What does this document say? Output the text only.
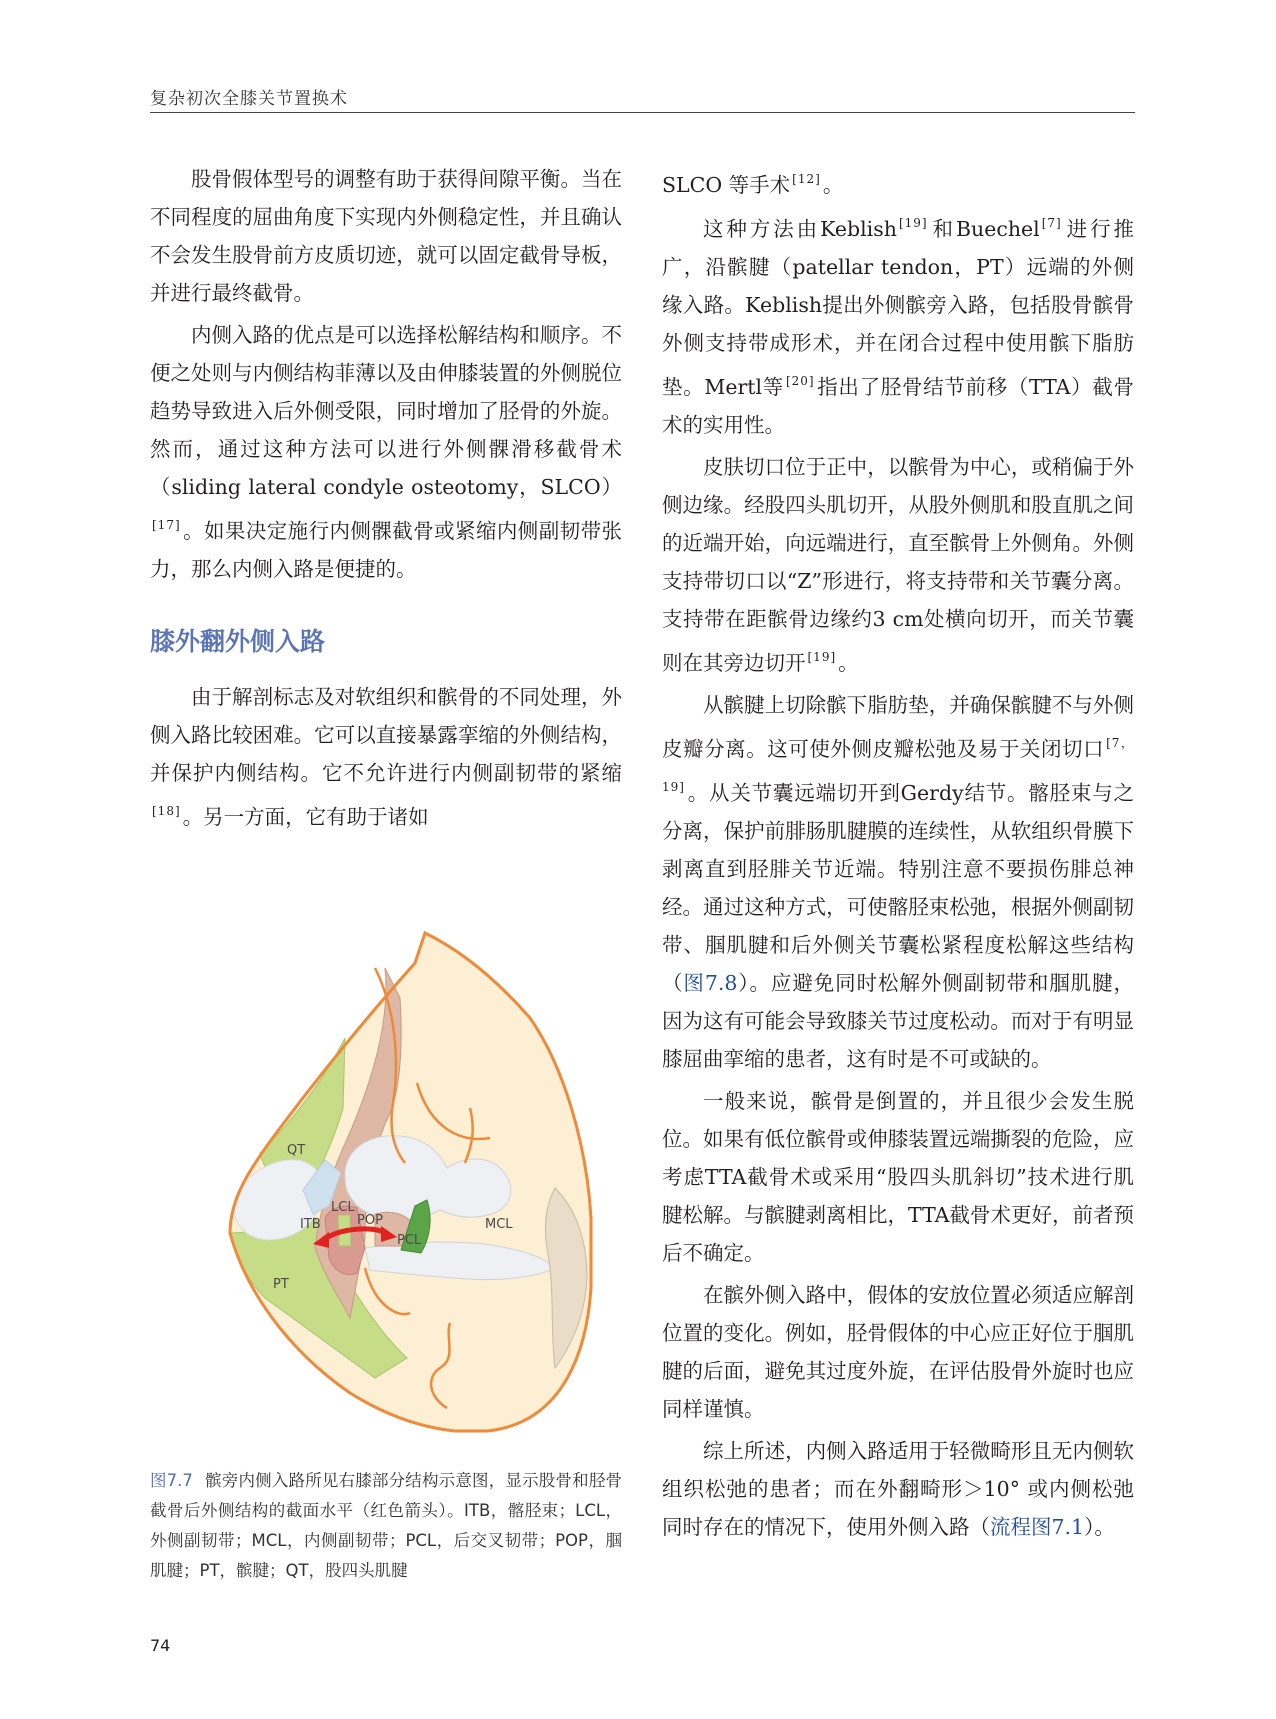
复杂初次全膝关节置换术

股骨假体型号的调整有助于获得间隙平衡。当在不同程度的屈曲角度下实现内外侧稳定性，并且确认不会发生股骨前方皮质切迹，就可以固定截骨导板，并进行最终截骨。

内侧入路的优点是可以选择松解结构和顺序。不便之处则与内侧结构菲薄以及由伸膝装置的外侧脱位趋势导致进入后外侧受限，同时增加了胫骨的外旋。然而，通过这种方法可以进行外侧髁滑移截骨术（sliding lateral condyle osteotomy，SLCO）[17]。如果决定施行内侧髁截骨或紧缩内侧副韧带张力，那么内侧入路是便捷的。

膝外翻外侧入路

由于解剖标志及对软组织和髌骨的不同处理，外侧入路比较困难。它可以直接暴露挛缩的外侧结构，并保护内侧结构。它不允许进行内侧副韧带的紧缩[18]。另一方面，它有助于诸如

QT
LCL
ITB	POP
PCL
MCL
PT

图7.7 髌旁内侧入路所见右膝部分结构示意图，显示股骨和胫骨截骨后外侧结构的截面水平（红色箭头）。ITB，髂胫束；LCL，外侧副韧带；MCL，内侧副韧带；PCL，后交叉韧带；POP，腘肌腱；PT，髌腱；QT，股四头肌腱

SLCO 等手术 [12]。

这种方法由Keblish [19]和Buechel [7]进行推广，沿髌腱（patellar tendon，PT）远端的外侧缘入路。Keblish提出外侧髌旁入路，包括股骨髌骨外侧支持带成形术，并在闭合过程中使用髌下脂肪垫。Mertl等 [20]指出了胫骨结节前移（TTA）截骨术的实用性。

皮肤切口位于正中，以髌骨为中心，或稍偏于外侧边缘。经股四头肌切开，从股外侧肌和股直肌之间的近端开始，向远端进行，直至髌骨上外侧角。外侧支持带切口以“Z”形进行，将支持带和关节囊分离。支持带在距髌骨边缘约3 cm处横向切开，而关节囊则在其旁边切开 [19]。

从髌腱上切除髌下脂肪垫，并确保髌腱不与外侧皮瓣分离。这可使外侧皮瓣松弛及易于关闭切口 [7，19]。从关节囊远端切开到Gerdy结节。髂胫束与之分离，保护前腓肠肌腱膜的连续性，从软组织骨膜下剥离直到胫腓关节近端。特别注意不要损伤腓总神经。通过这种方式，可使髂胫束松弛，根据外侧副韧带、腘肌腱和后外侧关节囊松紧程度松解这些结构（图7.8）。应避免同时松解外侧副韧带和腘肌腱，因为这有可能会导致膝关节过度松动。而对于有明显膝屈曲挛缩的患者，这有时是不可或缺的。

一般来说，髌骨是倒置的，并且很少会发生脱位。如果有低位髌骨或伸膝装置远端撕裂的危险，应考虑TTA截骨术或采用“股四头肌斜切”技术进行肌腱松解。与髌腱剥离相比，TTA截骨术更好，前者预后不确定。

在髌外侧入路中，假体的安放位置必须适应解剖位置的变化。例如，胫骨假体的中心应正好位于腘肌腱的后面，避免其过度外旋，在评估股骨外旋时也应同样谨慎。

综上所述，内侧入路适用于轻微畸形且无内侧软组织松弛的患者；而在外翻畸形＞10° 或内侧松弛同时存在的情况下，使用外侧入路（流程图7.1）。

74
